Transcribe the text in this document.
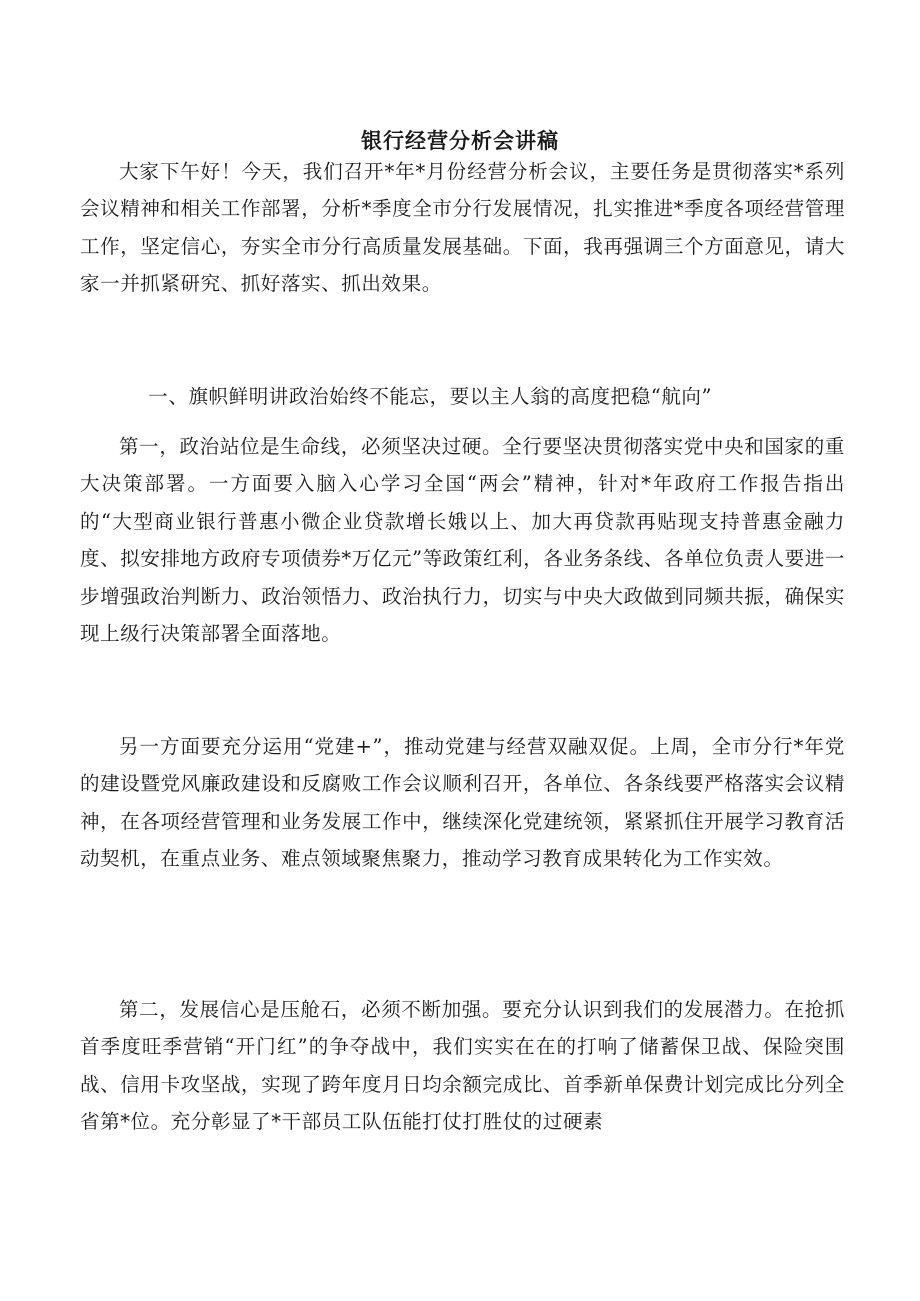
银行经营分析会讲稿

大家下午好！今天，我们召开*年*月份经营分析会议，主要任务是贯彻落实*系列会议精神和相关工作部署，分析*季度全市分行发展情况，扎实推进*季度各项经营管理工作，坚定信心，夯实全市分行高质量发展基础。下面，我再强调三个方面意见，请大家一并抓紧研究、抓好落实、抓出效果。

一、旗帜鲜明讲政治始终不能忘，要以主人翁的高度把稳“航向”

第一，政治站位是生命线，必须坚决过硬。全行要坚决贯彻落实党中央和国家的重大决策部署。一方面要入脑入心学习全国“两会”精神，针对*年政府工作报告指出的“大型商业银行普惠小微企业贷款增长娥以上、加大再贷款再贴现支持普惠金融力度、拟安排地方政府专项债券*万亿元”等政策红利，各业务条线、各单位负责人要进一步增强政治判断力、政治领悟力、政治执行力，切实与中央大政做到同频共振，确保实现上级行决策部署全面落地。

另一方面要充分运用“党建+”，推动党建与经营双融双促。上周，全市分行*年党的建设暨党风廉政建设和反腐败工作会议顺利召开，各单位、各条线要严格落实会议精神，在各项经营管理和业务发展工作中，继续深化党建统领，紧紧抓住开展学习教育活动契机，在重点业务、难点领域聚焦聚力，推动学习教育成果转化为工作实效。

第二，发展信心是压舱石，必须不断加强。要充分认识到我们的发展潜力。在抢抓首季度旺季营销“开门红”的争夺战中，我们实实在在的打响了储蓄保卫战、保险突围战、信用卡攻坚战，实现了跨年度月日均余额完成比、首季新单保费计划完成比分列全省第*位。充分彰显了*干部员工队伍能打仗打胜仗的过硬素
